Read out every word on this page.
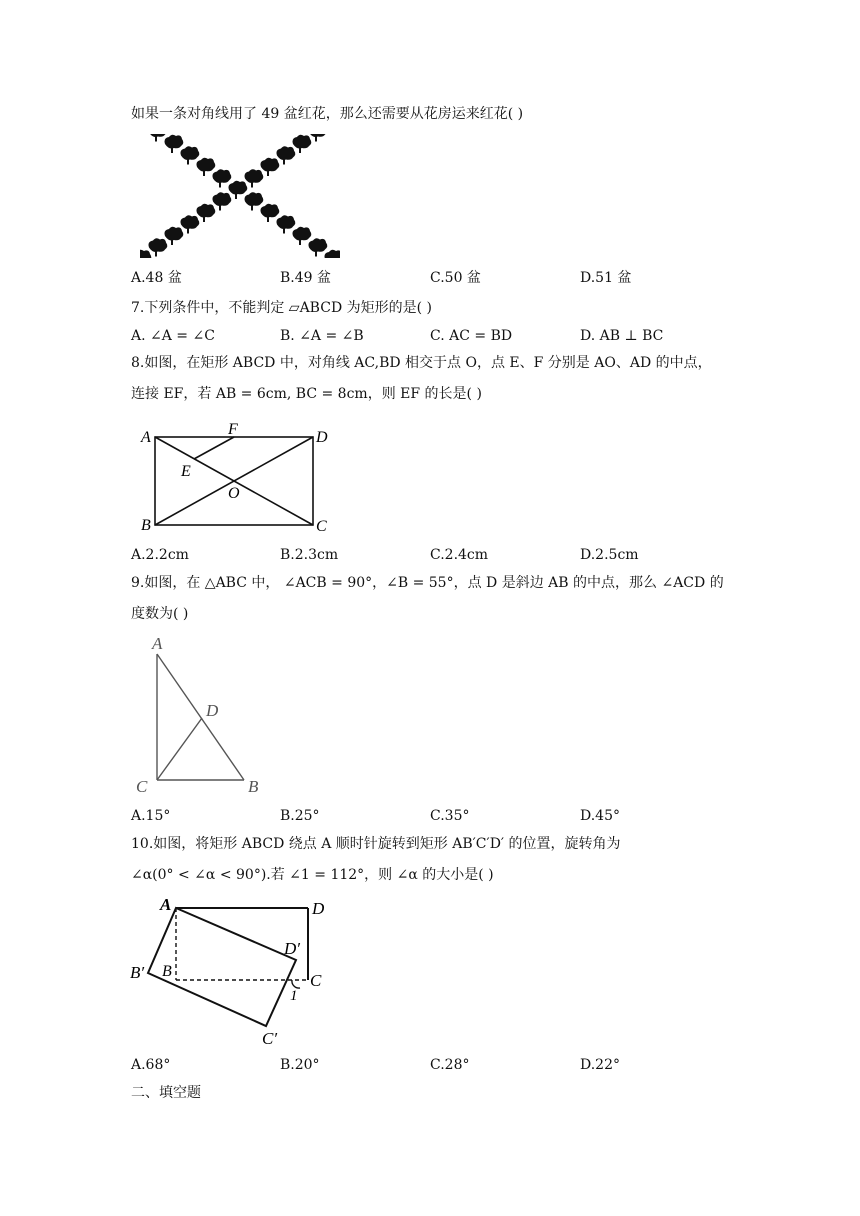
如果一条对角线用了 49 盆红花，那么还需要从花房运来红花( )
A.48 盆	B.49 盆	C.50 盆	D.51 盆
7.下列条件中，不能判定 ▱ABCD 为矩形的是( )
A. ∠A = ∠C	B. ∠A = ∠B	C. AC = BD	D. AB ⊥ BC
8.如图，在矩形 ABCD 中，对角线 AC,BD 相交于点 O，点 E、F 分别是 AO、AD 的中点，
连接 EF，若 AB = 6cm, BC = 8cm，则 EF 的长是( )
A
B	C
D
E
F
O
A.2.2cm	B.2.3cm	C.2.4cm	D.2.5cm
9.如图，在 △ABC 中， ∠ACB = 90°，∠B = 55°，点 D 是斜边 AB 的中点，那么 ∠ACD 的
度数为( )
A
B
C
D
A.15°	B.25°	C.35°	D.45°
10.如图，将矩形 ABCD 绕点 A 顺时针旋转到矩形 AB′C′D′ 的位置，旋转角为
∠α(0° < ∠α < 90°).若 ∠1 = 112°，则 ∠α 的大小是( )
A
B	C
D
B′
C′
D′
1
A.68°	B.20°	C.28°	D.22°
二、填空题
